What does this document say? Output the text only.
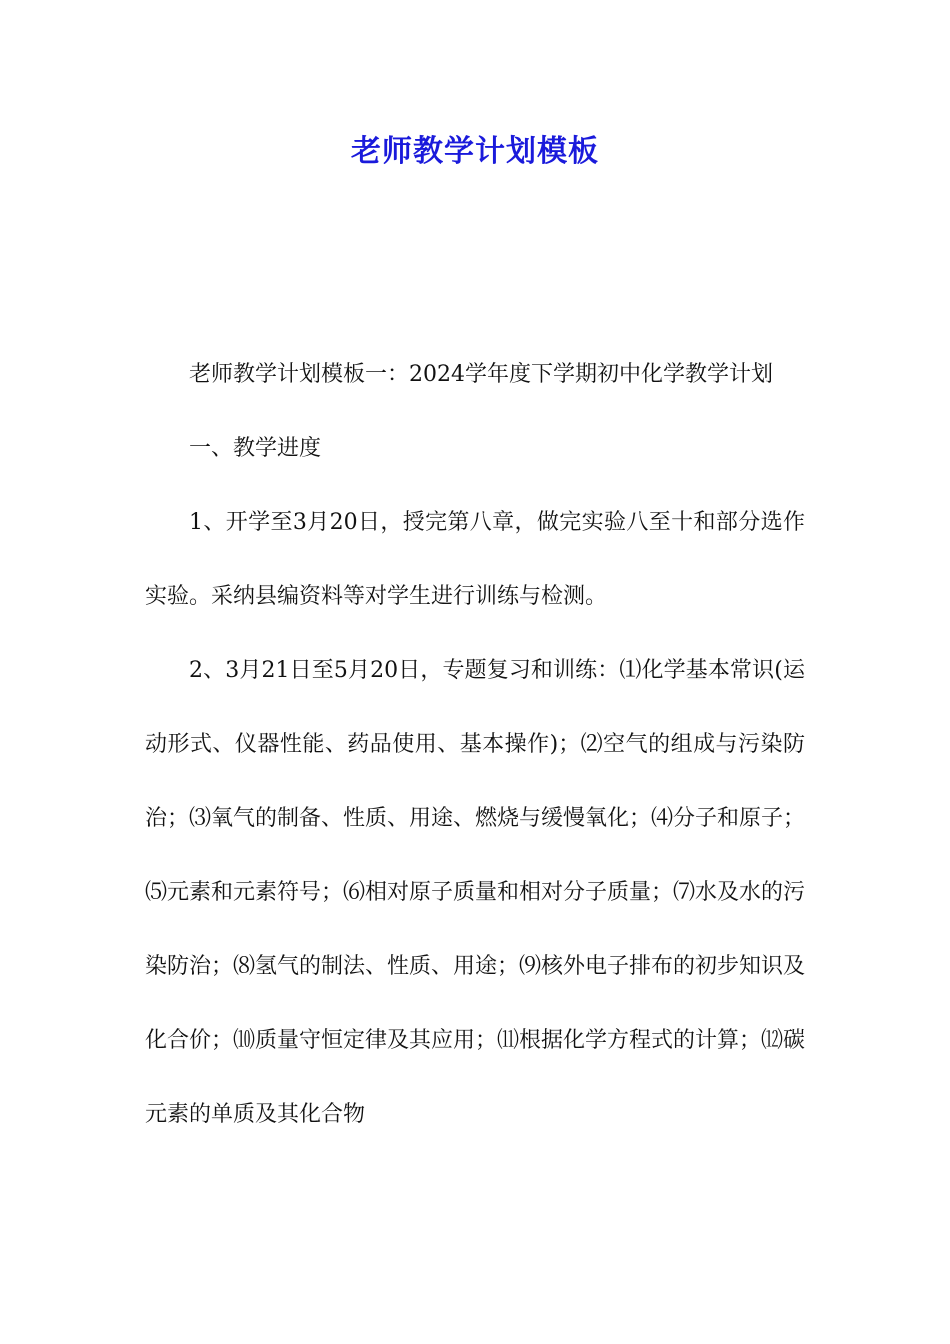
老师教学计划模板

老师教学计划模板一：2024学年度下学期初中化学教学计划

一、教学进度

1、开学至3月20日，授完第八章，做完实验八至十和部分选作实验。采纳县编资料等对学生进行训练与检测。

2、3月21日至5月20日，专题复习和训练：⑴化学基本常识(运动形式、仪器性能、药品使用、基本操作)；⑵空气的组成与污染防治；⑶氧气的制备、性质、用途、燃烧与缓慢氧化；⑷分子和原子；⑸元素和元素符号；⑹相对原子质量和相对分子质量；⑺水及水的污染防治；⑻氢气的制法、性质、用途；⑼核外电子排布的初步知识及化合价；⑽质量守恒定律及其应用；⑾根据化学方程式的计算；⑿碳元素的单质及其化合物
